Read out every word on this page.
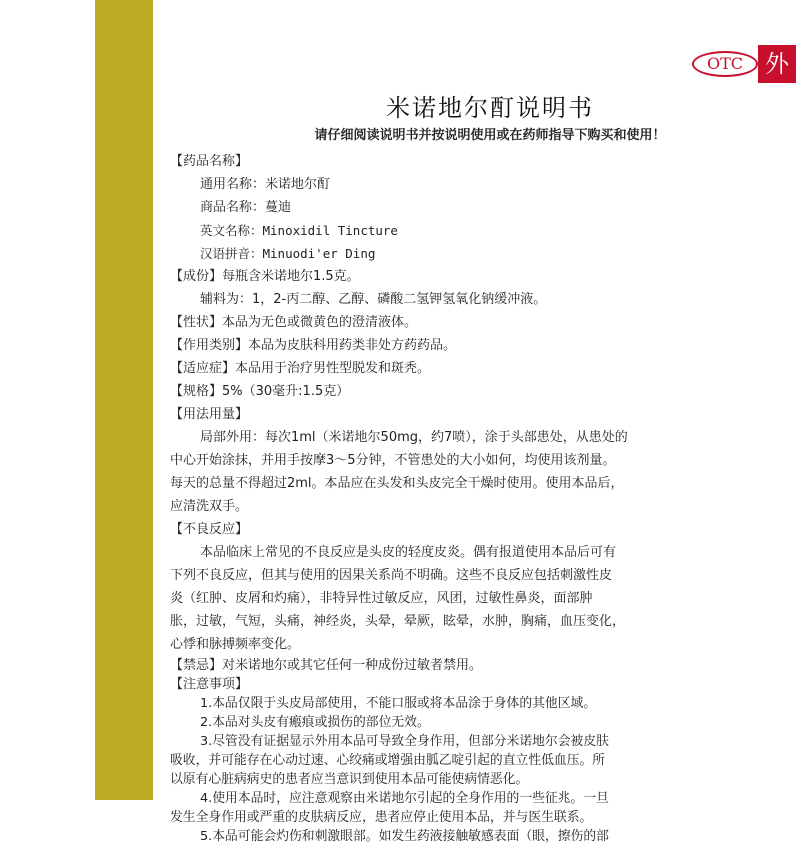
OTC 外
米诺地尔酊说明书
请仔细阅读说明书并按说明使用或在药师指导下购买和使用！
【药品名称】
通用名称：米诺地尔酊
商品名称：蔓迪
英文名称：Minoxidil Tincture
汉语拼音：Minuodi'er Ding
【成份】每瓶含米诺地尔1.5克。
辅料为：1，2-丙二醇、乙醇、磷酸二氢钾氢氧化钠缓冲液。
【性状】本品为无色或微黄色的澄清液体。
【作用类别】本品为皮肤科用药类非处方药药品。
【适应症】本品用于治疗男性型脱发和斑秃。
【规格】5%（30毫升:1.5克）
【用法用量】
局部外用：每次1ml（米诺地尔50mg，约7喷），涂于头部患处，从患处的
中心开始涂抹，并用手按摩3～5分钟，不管患处的大小如何，均使用该剂量。
每天的总量不得超过2ml。本品应在头发和头皮完全干燥时使用。使用本品后，
应清洗双手。
【不良反应】
本品临床上常见的不良反应是头皮的轻度皮炎。偶有报道使用本品后可有
下列不良反应，但其与使用的因果关系尚不明确。这些不良反应包括刺激性皮
炎（红肿、皮屑和灼痛），非特异性过敏反应，风团，过敏性鼻炎，面部肿
胀，过敏，气短，头痛，神经炎，头晕，晕厥，眩晕，水肿，胸痛，血压变化，
心悸和脉搏频率变化。
【禁忌】对米诺地尔或其它任何一种成份过敏者禁用。
【注意事项】
1.本品仅限于头皮局部使用，不能口服或将本品涂于身体的其他区域。
2.本品对头皮有瘢痕或损伤的部位无效。
3.尽管没有证据显示外用本品可导致全身作用，但部分米诺地尔会被皮肤
吸收，并可能存在心动过速、心绞痛或增强由胍乙啶引起的直立性低血压。所
以原有心脏病病史的患者应当意识到使用本品可能使病情恶化。
4.使用本品时，应注意观察由米诺地尔引起的全身作用的一些征兆。一旦
发生全身作用或严重的皮肤病反应，患者应停止使用本品，并与医生联系。
5.本品可能会灼伤和刺激眼部。如发生药液接触敏感表面（眼，擦伤的部
